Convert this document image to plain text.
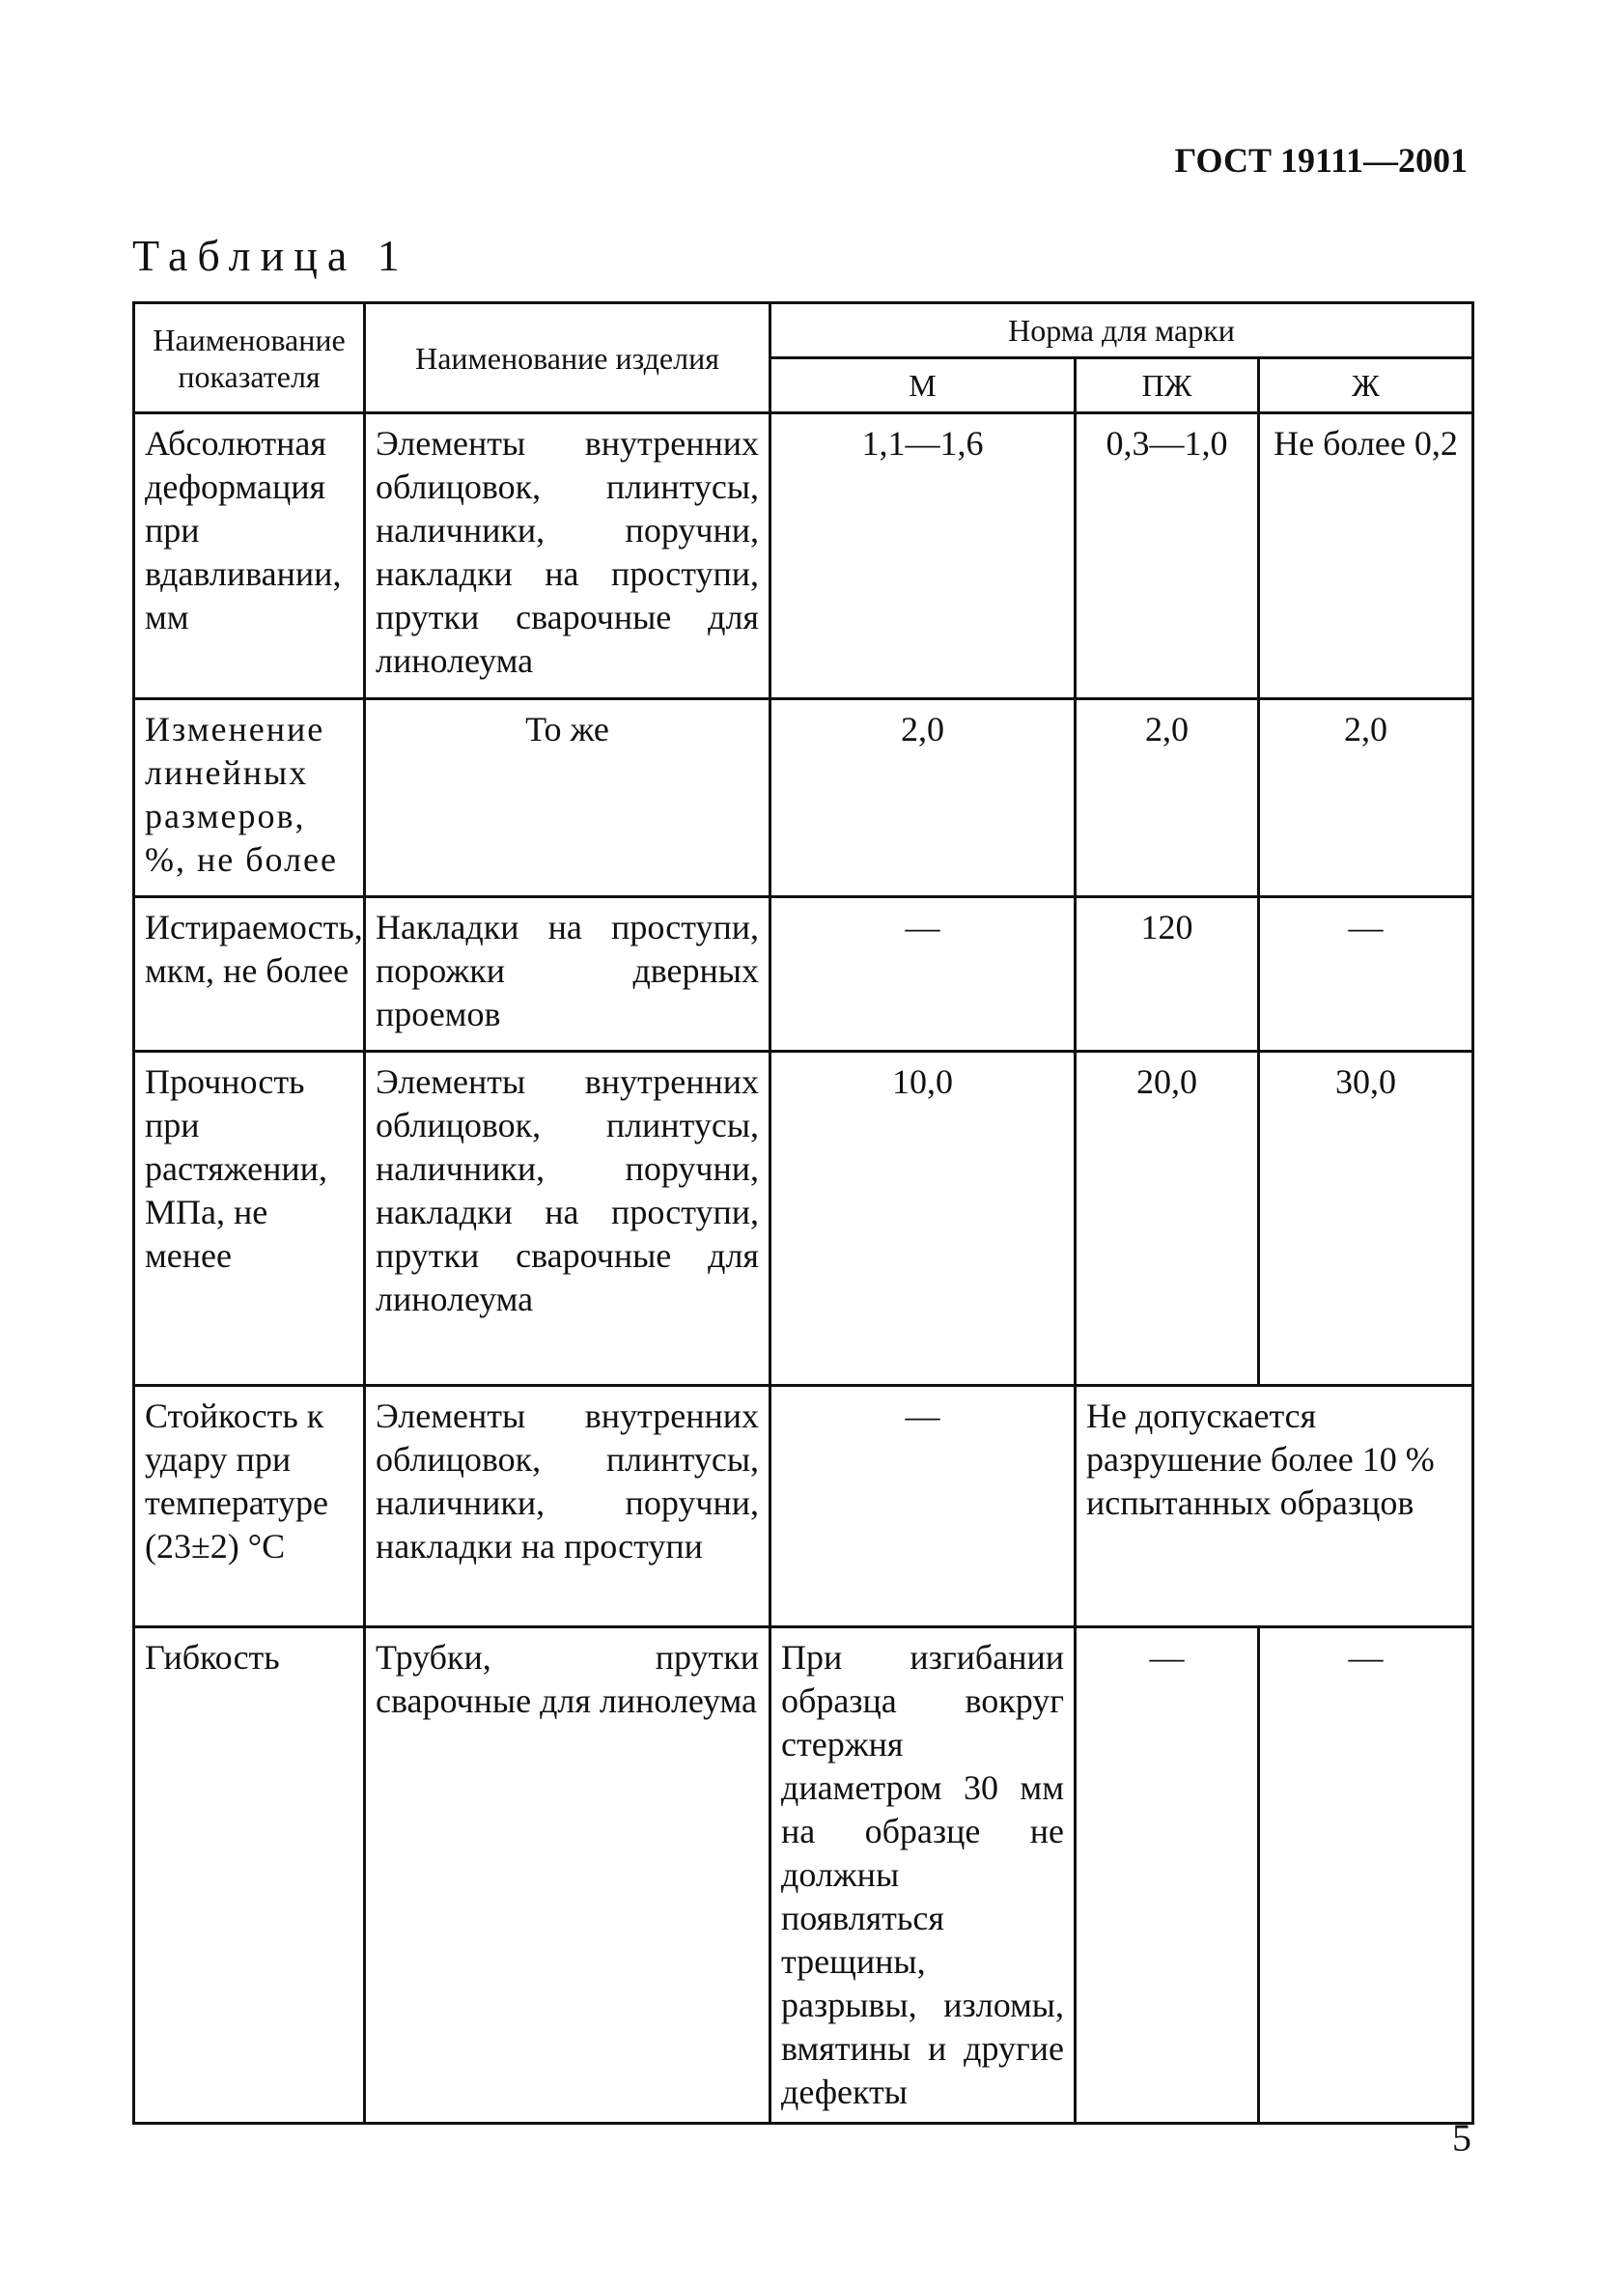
ГОСТ 19111—2001
Таблица 1
Наименование показателя	Наименование изделия	Норма для марки		
		М	ПЖ	Ж
Абсолютная деформация при вдавливании, мм	Элементы внутренних облицовок, плинтусы, наличники, поручни, накладки на проступи, прутки сварочные для линолеума	1,1—1,6	0,3—1,0	Не более 0,2
Изменение линейных размеров, %, не более	То же	2,0	2,0	2,0
Истираемость, мкм, не более	Накладки на проступи, порожки дверных проемов	—	120	—
Прочность при растяжении, МПа, не менее	Элементы внутренних облицовок, плинтусы, наличники, поручни, накладки на проступи, прутки сварочные для линолеума	10,0	20,0	30,0
Стойкость к удару при температуре (23±2) °С	Элементы внутренних облицовок, плинтусы, наличники, поручни, накладки на проступи	—	Не допускается разрушение более 10 % испытанных образцов	
Гибкость	Трубки, прутки сварочные для линолеума	При изгибании образца вокруг стержня диаметром 30 мм на образце не должны появляться трещины, разрывы, изломы, вмятины и другие дефекты	—	—
5
